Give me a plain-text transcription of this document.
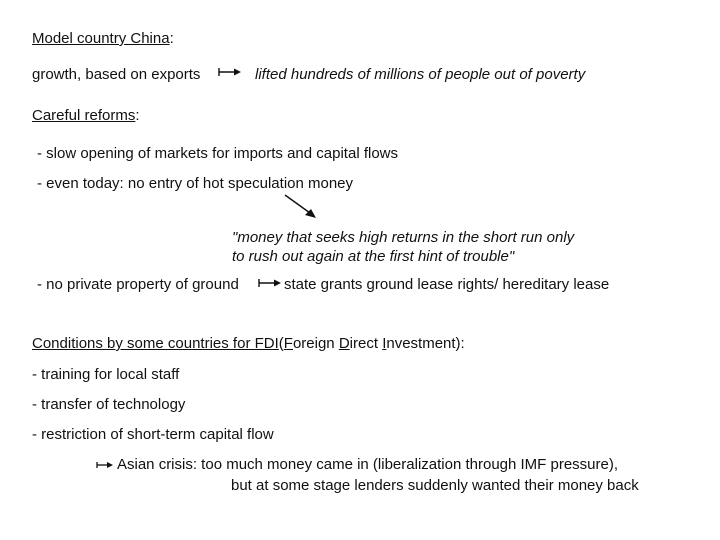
Model country China:
growth, based on exports	lifted hundreds of millions of people out of poverty
Careful reforms:
- slow opening of markets for imports and capital flows
- even today: no entry of hot speculation money
"money that seeks high returns in the short run only
to rush out again at the first hint of trouble"
- no private property of ground	state grants ground lease rights/ hereditary lease
Conditions by some countries for FDI(Foreign Direct Investment):
- training for local staff
- transfer of technology
- restriction of short-term capital flow
Asian crisis: too much money came in (liberalization through IMF pressure),
but at some stage lenders suddenly wanted their money back
